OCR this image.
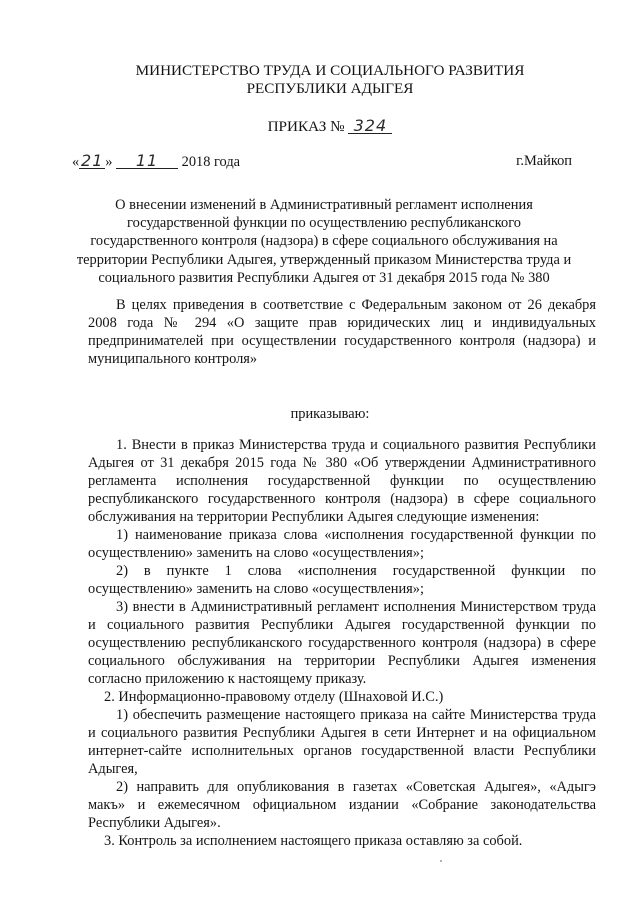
МИНИСТЕРСТВО ТРУДА И СОЦИАЛЬНОГО РАЗВИТИЯ
РЕСПУБЛИКИ АДЫГЕЯ
ПРИКАЗ № 324
« 21 » 11 2018 года	г.Майкоп
О внесении изменений в Административный регламент исполнения
государственной функции по осуществлению республиканского
государственного контроля (надзора) в сфере социального обслуживания на
территории Республики Адыгея, утвержденный приказом Министерства труда и
социального развития Республики Адыгея от 31 декабря 2015 года № 380
В целях приведения в соответствие с Федеральным законом от 26 декабря 2008 года № 294 «О защите прав юридических лиц и индивидуальных предпринимателей при осуществлении государственного контроля (надзора) и муниципального контроля»
приказываю:
1. Внести в приказ Министерства труда и социального развития Республики Адыгея от 31 декабря 2015 года № 380 «Об утверждении Административного регламента исполнения государственной функции по осуществлению республиканского государственного контроля (надзора) в сфере социального обслуживания на территории Республики Адыгея следующие изменения:
1) наименование приказа слова «исполнения государственной функции по осуществлению» заменить на слово «осуществления»;
2) в пункте 1 слова «исполнения государственной функции по осуществлению» заменить на слово «осуществления»;
3) внести в Административный регламент исполнения Министерством труда и социального развития Республики Адыгея государственной функции по осуществлению республиканского государственного контроля (надзора) в сфере социального обслуживания на территории Республики Адыгея изменения согласно приложению к настоящему приказу.
2. Информационно-правовому отделу (Шнаховой И.С.)
1) обеспечить размещение настоящего приказа на сайте Министерства труда и социального развития Республики Адыгея в сети Интернет и на официальном интернет-сайте исполнительных органов государственной власти Республики Адыгея,
2) направить для опубликования в газетах «Советская Адыгея», «Адыгэ макъ» и ежемесячном официальном издании «Собрание законодательства Республики Адыгея».
3. Контроль за исполнением настоящего приказа оставляю за собой.
